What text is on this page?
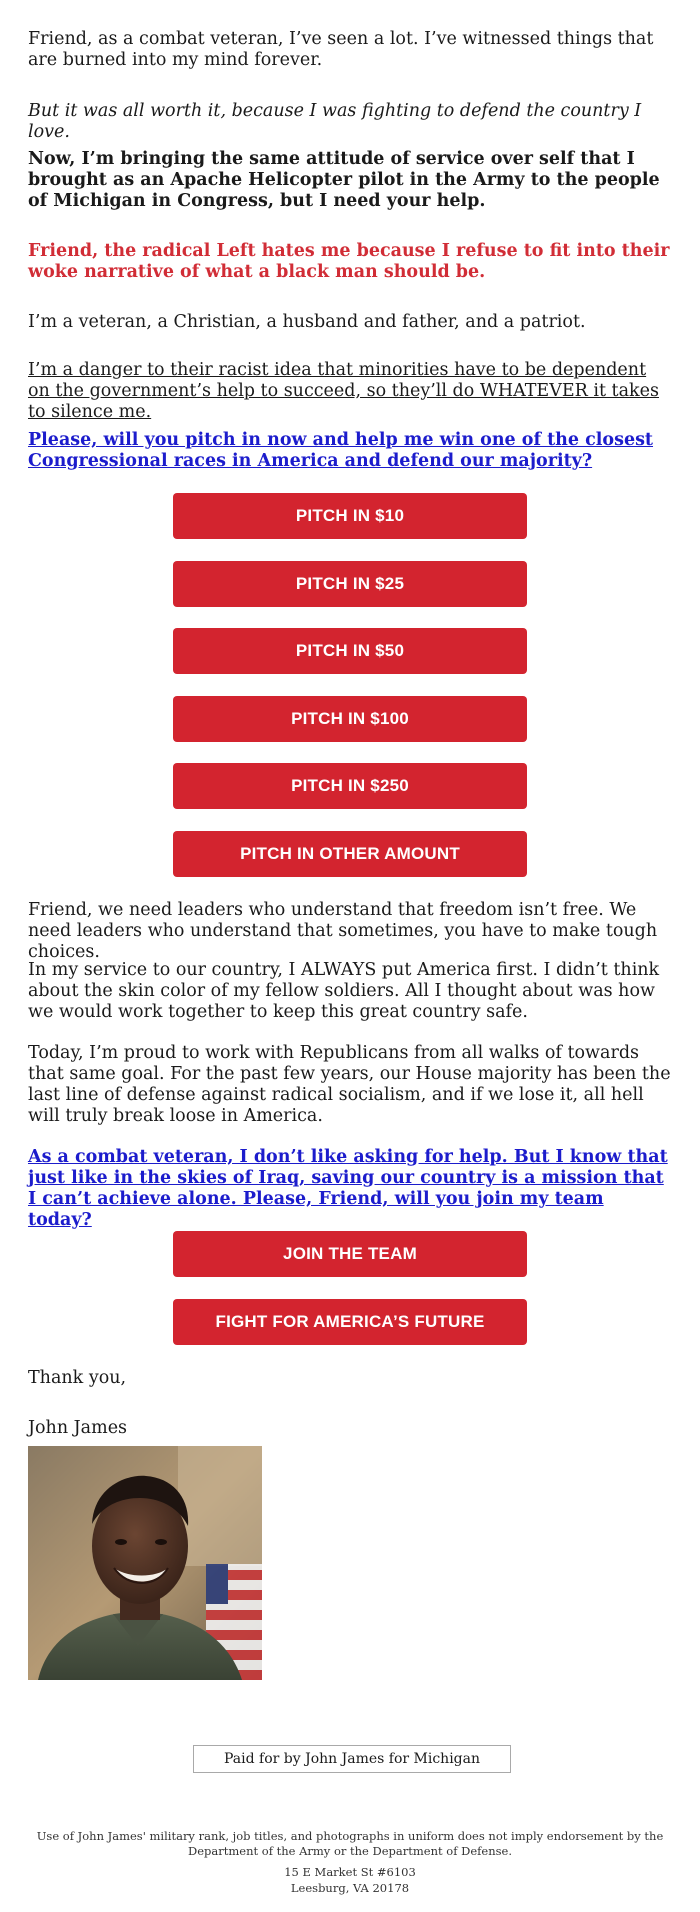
Friend, as a combat veteran, I’ve seen a lot. I’ve witnessed things that are burned into my mind forever.

But it was all worth it, because I was fighting to defend the country I love.

Now, I’m bringing the same attitude of service over self that I brought as an Apache Helicopter pilot in the Army to the people of Michigan in Congress, but I need your help.

Friend, the radical Left hates me because I refuse to fit into their woke narrative of what a black man should be.

I’m a veteran, a Christian, a husband and father, and a patriot.

I’m a danger to their racist idea that minorities have to be dependent on the government’s help to succeed, so they’ll do WHATEVER it takes to silence me.

Please, will you pitch in now and help me win one of the closest Congressional races in America and defend our majority?

Friend, we need leaders who understand that freedom isn’t free. We need leaders who understand that sometimes, you have to make tough choices.

In my service to our country, I ALWAYS put America first. I didn’t think about the skin color of my fellow soldiers. All I thought about was how we would work together to keep this great country safe.

Today, I’m proud to work with Republicans from all walks of towards that same goal. For the past few years, our House majority has been the last line of defense against radical socialism, and if we lose it, all hell will truly break loose in America.

As a combat veteran, I don’t like asking for help. But I know that just like in the skies of Iraq, saving our country is a mission that I can’t achieve alone. Please, Friend, will you join my team today?

Thank you,

John James

PITCH IN $10
PITCH IN $25
PITCH IN $50
PITCH IN $100
PITCH IN $250
PITCH IN OTHER AMOUNT
JOIN THE TEAM
FIGHT FOR AMERICA’S FUTURE
Paid for by John James for Michigan
Use of John James' military rank, job titles, and photographs in uniform does not imply endorsement by the Department of the Army or the Department of Defense.
15 E Market St #6103
Leesburg, VA 20178
